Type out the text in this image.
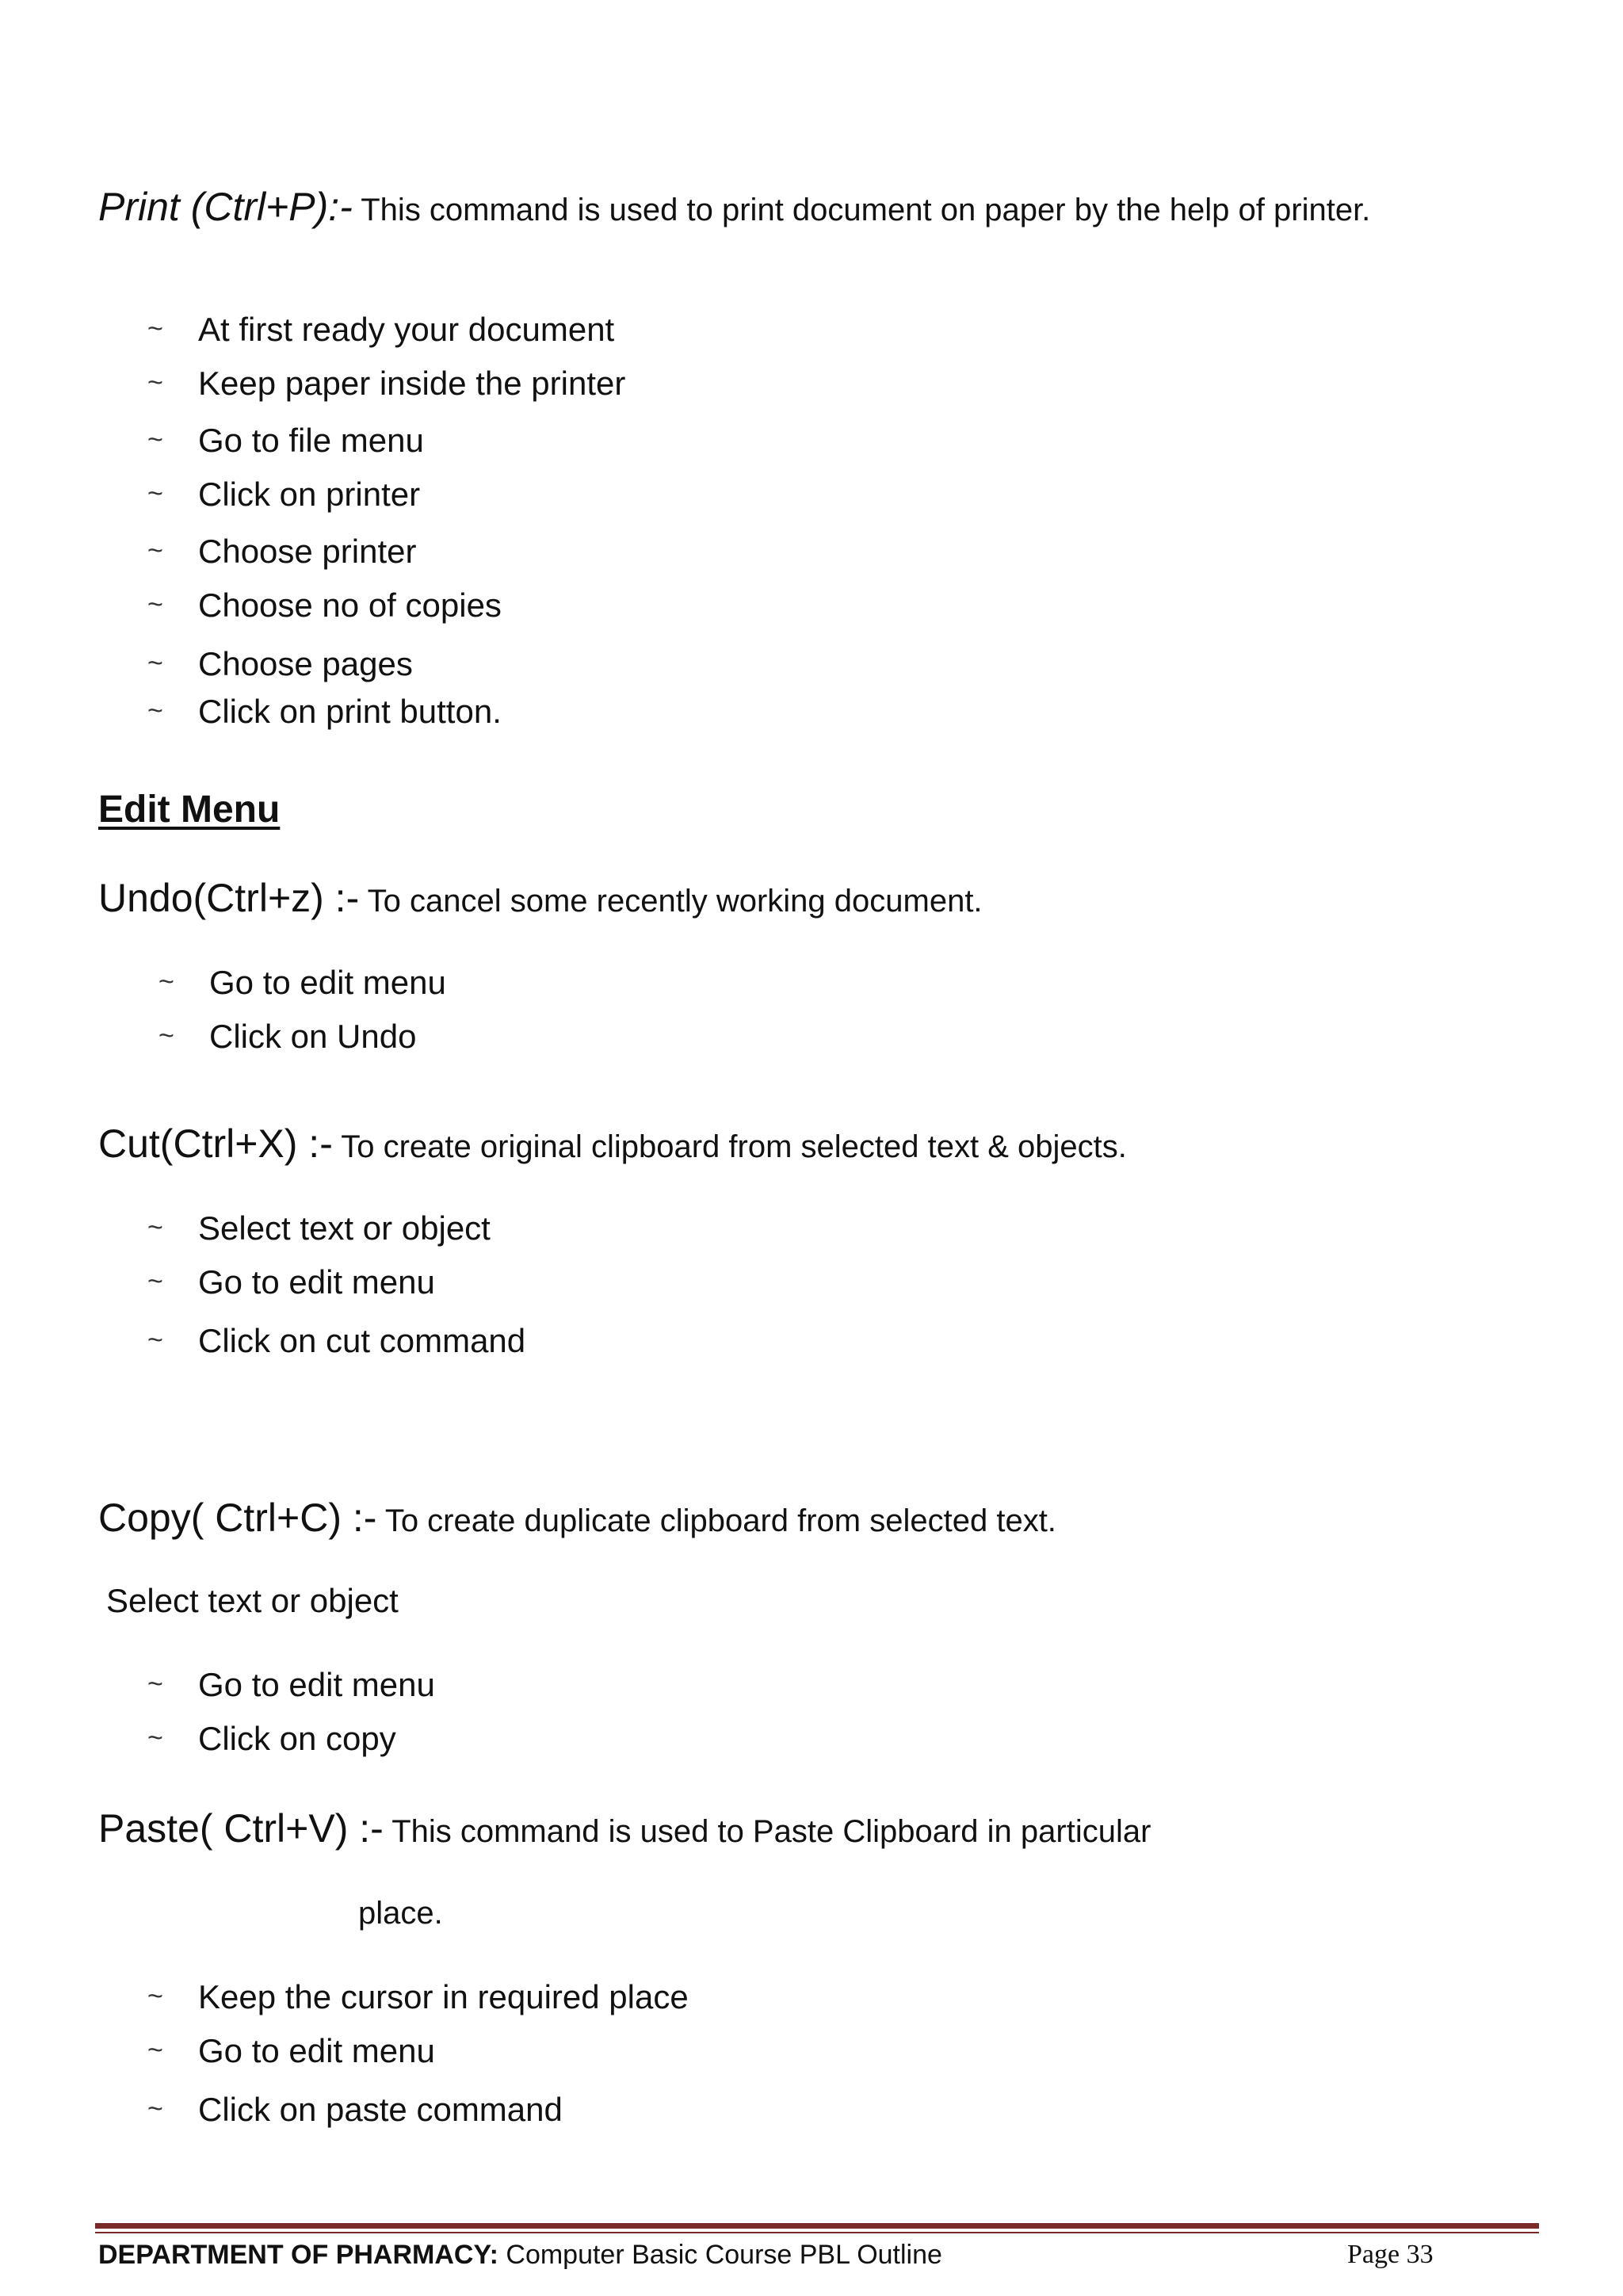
Print (Ctrl+P):- This command is used to print document on paper by the help of printer.
~ At first ready your document
~ Keep paper inside the printer
~ Go to file menu
~ Click on printer
~ Choose printer
~ Choose no of copies
~ Choose pages
~ Click on print button.
Edit Menu
Undo(Ctrl+z) :- To cancel some recently working document.
~ Go to edit menu
~ Click on Undo
Cut(Ctrl+X) :- To create original clipboard from selected text & objects.
~ Select text or object
~ Go to edit menu
~ Click on cut command
Copy( Ctrl+C) :- To create duplicate clipboard from selected text.
Select text or object
~ Go to edit menu
~ Click on copy
Paste( Ctrl+V) :- This command is used to Paste Clipboard in particular
place.
~ Keep the cursor in required place
~ Go to edit menu
~ Click on paste command
DEPARTMENT OF PHARMACY: Computer Basic Course PBL Outline	Page 33
